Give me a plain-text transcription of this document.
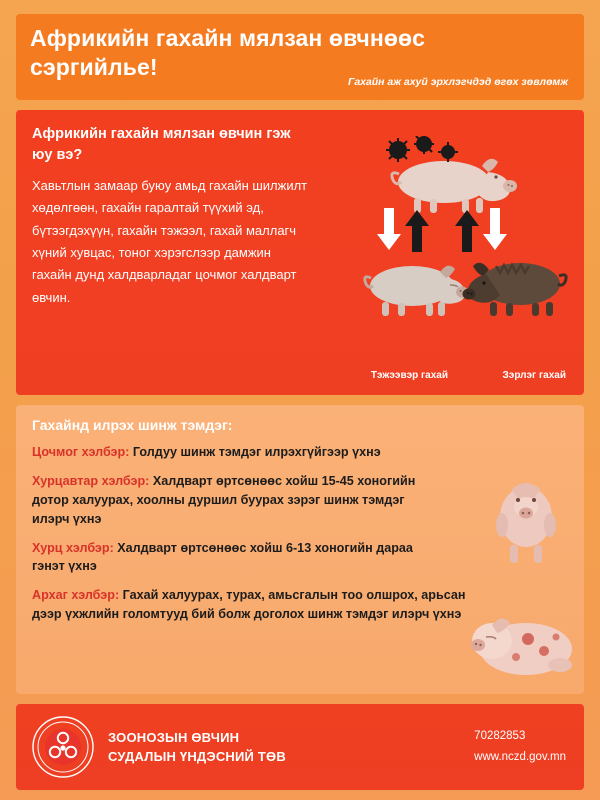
Африкийн гахайн мялзан өвчнөөс сэргийлье!
Гахайн аж ахуй эрхлэгчдэд өгөх зөвлөмж
Африкийн гахайн мялзан өвчин гэж юу вэ?
Хавьтлын замаар буюу амьд гахайн шилжилт хөдөлгөөн, гахайн гаралтай түүхий эд, бүтээгдэхүүн, гахайн тэжээл, гахай маллагч хүний хувцас, тоног хэрэгслээр дамжин гахайн дунд халдварладаг цочмог халдварт өвчин.
Тэжээвэр гахай	Зэрлэг гахай
Гахайнд илрэх шинж тэмдэг:
Цочмог хэлбэр: Голдуу шинж тэмдэг илрэхгүйгээр үхнэ
Хурцавтар хэлбэр: Халдварт өртсөнөөс хойш 15-45 хоногийн дотор халуурах, хоолны дуршил буурах зэрэг шинж тэмдэг илэрч үхнэ
Хурц хэлбэр: Халдварт өртсөнөөс хойш 6-13 хоногийн дараа гэнэт үхнэ
Архаг хэлбэр: Гахай халуурах, турах, амьсгалын тоо олшрох, арьсан дээр үхжлийн голомтууд бий болж доголох шинж тэмдэг илэрч үхнэ
ЗООНОЗЫН ӨВЧИН
СУДАЛЫН ҮНДЭСНИЙ ТӨВ
70282853
www.nczd.gov.mn
